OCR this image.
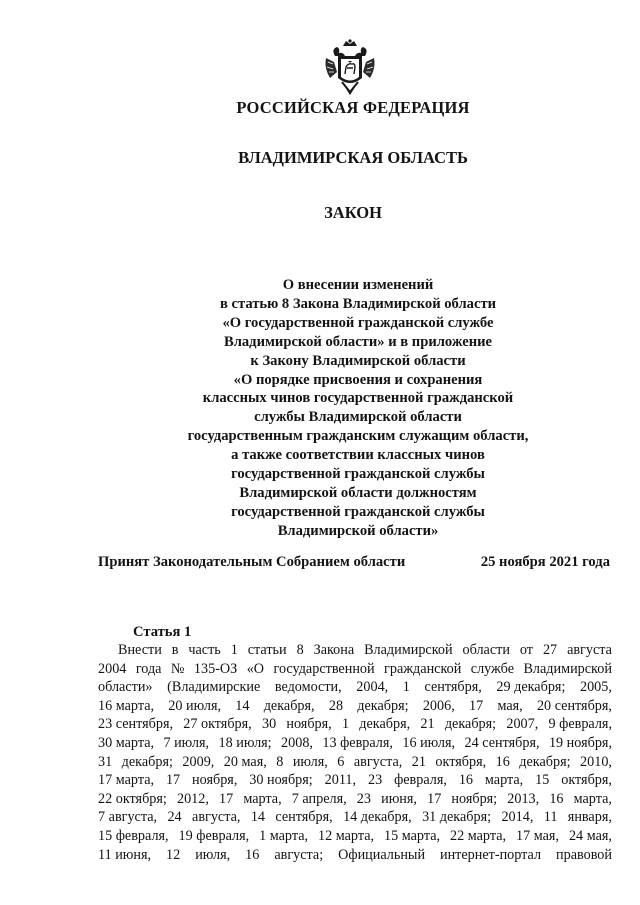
РОССИЙСКАЯ ФЕДЕРАЦИЯ
ВЛАДИМИРСКАЯ ОБЛАСТЬ
ЗАКОН
О внесении изменений
в статью 8 Закона Владимирской области
«О государственной гражданской службе
Владимирской области» и в приложение
к Закону Владимирской области
«О порядке присвоения и сохранения
классных чинов государственной гражданской
службы Владимирской области
государственным гражданским служащим области,
а также соответствии классных чинов
государственной гражданской службы
Владимирской области должностям
государственной гражданской службы
Владимирской области»
Принят Законодательным Собранием области	25 ноября 2021 года
Статья 1
Внести в часть 1 статьи 8 Закона Владимирской области от 27 августа
2004 года № 135-ОЗ «О государственной гражданской службе Владимирской
области» (Владимирские ведомости, 2004, 1 сентября, 29 декабря; 2005,
16 марта, 20 июля, 14 декабря, 28 декабря; 2006, 17 мая, 20 сентября,
23 сентября, 27 октября, 30 ноября, 1 декабря, 21 декабря; 2007, 9 февраля,
30 марта, 7 июля, 18 июля; 2008, 13 февраля, 16 июля, 24 сентября, 19 ноября,
31 декабря; 2009, 20 мая, 8 июля, 6 августа, 21 октября, 16 декабря; 2010,
17 марта, 17 ноября, 30 ноября; 2011, 23 февраля, 16 марта, 15 октября,
22 октября; 2012, 17 марта, 7 апреля, 23 июня, 17 ноября; 2013, 16 марта,
7 августа, 24 августа, 14 сентября, 14 декабря, 31 декабря; 2014, 11 января,
15 февраля, 19 февраля, 1 марта, 12 марта, 15 марта, 22 марта, 17 мая, 24 мая,
11 июня, 12 июля, 16 августа; Официальный интернет-портал правовой
